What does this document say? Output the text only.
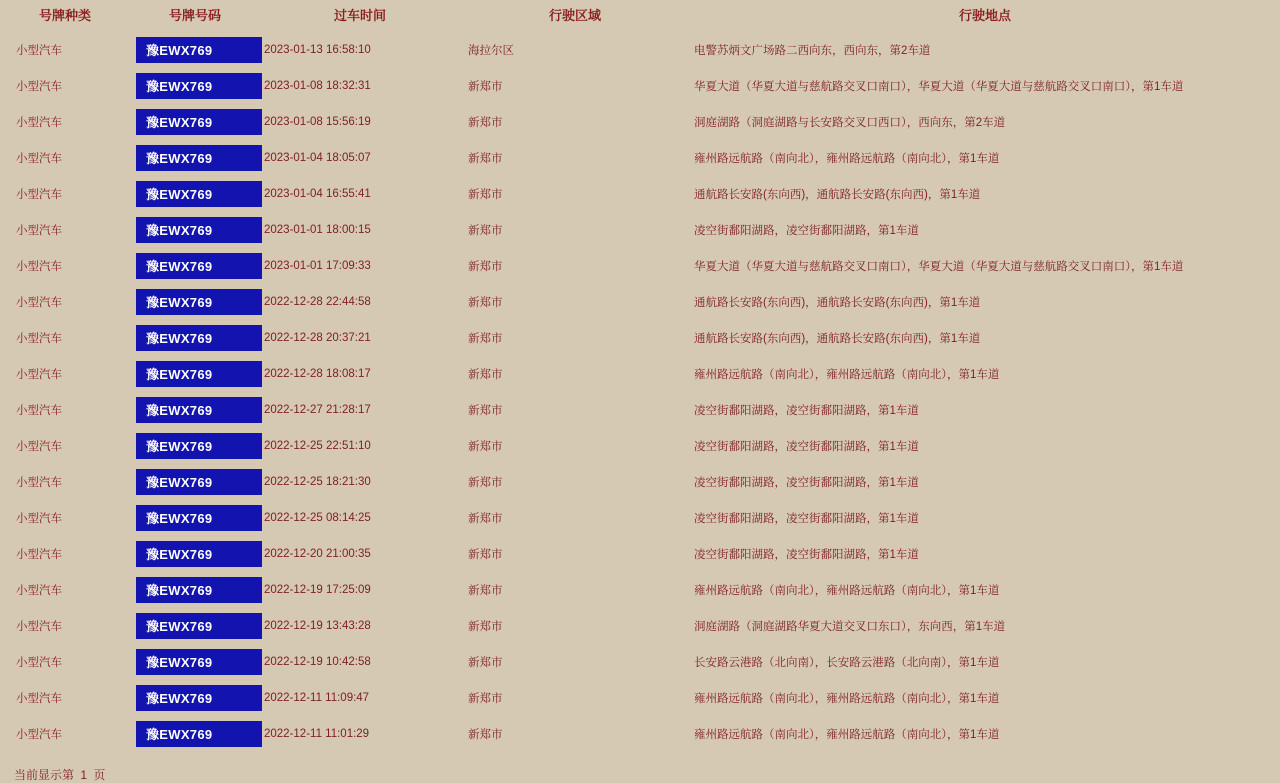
号牌种类	号牌号码	过车时间	行驶区域	行驶地点
小型汽车	豫EWX769	2023-01-13 16:58:10	海拉尔区	电警苏炳文广场路二西向东，西向东，第2车道
小型汽车	豫EWX769	2023-01-08 18:32:31	新郑市	华夏大道（华夏大道与慈航路交叉口南口），华夏大道（华夏大道与慈航路交叉口南口），第1车道
小型汽车	豫EWX769	2023-01-08 15:56:19	新郑市	洞庭湖路（洞庭湖路与长安路交叉口西口），西向东，第2车道
小型汽车	豫EWX769	2023-01-04 18:05:07	新郑市	雍州路远航路（南向北），雍州路远航路（南向北），第1车道
小型汽车	豫EWX769	2023-01-04 16:55:41	新郑市	通航路长安路(东向西)，通航路长安路(东向西)，第1车道
小型汽车	豫EWX769	2023-01-01 18:00:15	新郑市	凌空街鄱阳湖路，凌空街鄱阳湖路，第1车道
小型汽车	豫EWX769	2023-01-01 17:09:33	新郑市	华夏大道（华夏大道与慈航路交叉口南口），华夏大道（华夏大道与慈航路交叉口南口），第1车道
小型汽车	豫EWX769	2022-12-28 22:44:58	新郑市	通航路长安路(东向西)，通航路长安路(东向西)，第1车道
小型汽车	豫EWX769	2022-12-28 20:37:21	新郑市	通航路长安路(东向西)，通航路长安路(东向西)，第1车道
小型汽车	豫EWX769	2022-12-28 18:08:17	新郑市	雍州路远航路（南向北），雍州路远航路（南向北），第1车道
小型汽车	豫EWX769	2022-12-27 21:28:17	新郑市	凌空街鄱阳湖路，凌空街鄱阳湖路，第1车道
小型汽车	豫EWX769	2022-12-25 22:51:10	新郑市	凌空街鄱阳湖路，凌空街鄱阳湖路，第1车道
小型汽车	豫EWX769	2022-12-25 18:21:30	新郑市	凌空街鄱阳湖路，凌空街鄱阳湖路，第1车道
小型汽车	豫EWX769	2022-12-25 08:14:25	新郑市	凌空街鄱阳湖路，凌空街鄱阳湖路，第1车道
小型汽车	豫EWX769	2022-12-20 21:00:35	新郑市	凌空街鄱阳湖路，凌空街鄱阳湖路，第1车道
小型汽车	豫EWX769	2022-12-19 17:25:09	新郑市	雍州路远航路（南向北），雍州路远航路（南向北），第1车道
小型汽车	豫EWX769	2022-12-19 13:43:28	新郑市	洞庭湖路（洞庭湖路华夏大道交叉口东口），东向西，第1车道
小型汽车	豫EWX769	2022-12-19 10:42:58	新郑市	长安路云港路（北向南），长安路云港路（北向南），第1车道
小型汽车	豫EWX769	2022-12-11 11:09:47	新郑市	雍州路远航路（南向北），雍州路远航路（南向北），第1车道
小型汽车	豫EWX769	2022-12-11 11:01:29	新郑市	雍州路远航路（南向北），雍州路远航路（南向北），第1车道
当前显示第 1 页
